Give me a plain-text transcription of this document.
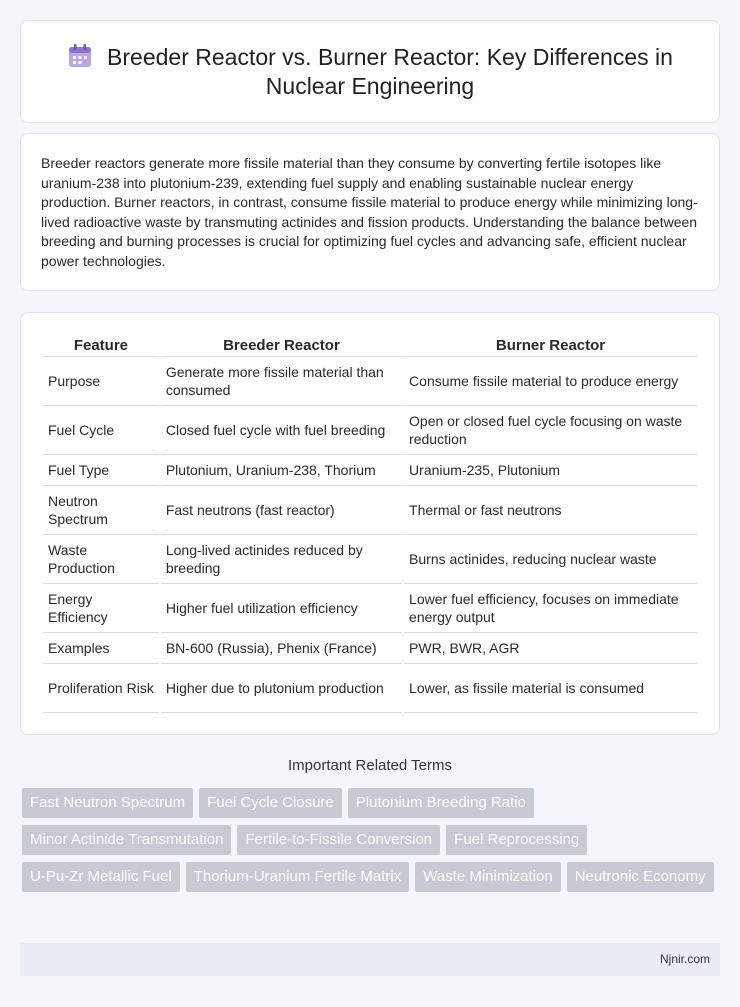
Breeder Reactor vs. Burner Reactor: Key Differences in Nuclear Engineering

Breeder reactors generate more fissile material than they consume by converting fertile isotopes like uranium-238 into plutonium-239, extending fuel supply and enabling sustainable nuclear energy production. Burner reactors, in contrast, consume fissile material to produce energy while minimizing long-lived radioactive waste by transmuting actinides and fission products. Understanding the balance between breeding and burning processes is crucial for optimizing fuel cycles and advancing safe, efficient nuclear power technologies.

Feature	Breeder Reactor	Burner Reactor
Purpose	Generate more fissile material than consumed	Consume fissile material to produce energy
Fuel Cycle	Closed fuel cycle with fuel breeding	Open or closed fuel cycle focusing on waste reduction
Fuel Type	Plutonium, Uranium-238, Thorium	Uranium-235, Plutonium
Neutron Spectrum	Fast neutrons (fast reactor)	Thermal or fast neutrons
Waste Production	Long-lived actinides reduced by breeding	Burns actinides, reducing nuclear waste
Energy Efficiency	Higher fuel utilization efficiency	Lower fuel efficiency, focuses on immediate energy output
Examples	BN-600 (Russia), Phenix (France)	PWR, BWR, AGR
Proliferation Risk	Higher due to plutonium production	Lower, as fissile material is consumed
Important Related Terms
Fast Neutron Spectrum	Fuel Cycle Closure	Plutonium Breeding Ratio
Minor Actinide Transmutation	Fertile-to-Fissile Conversion	Fuel Reprocessing
U-Pu-Zr Metallic Fuel	Thorium-Uranium Fertile Matrix	Waste Minimization	Neutronic Economy
Njnir.com
